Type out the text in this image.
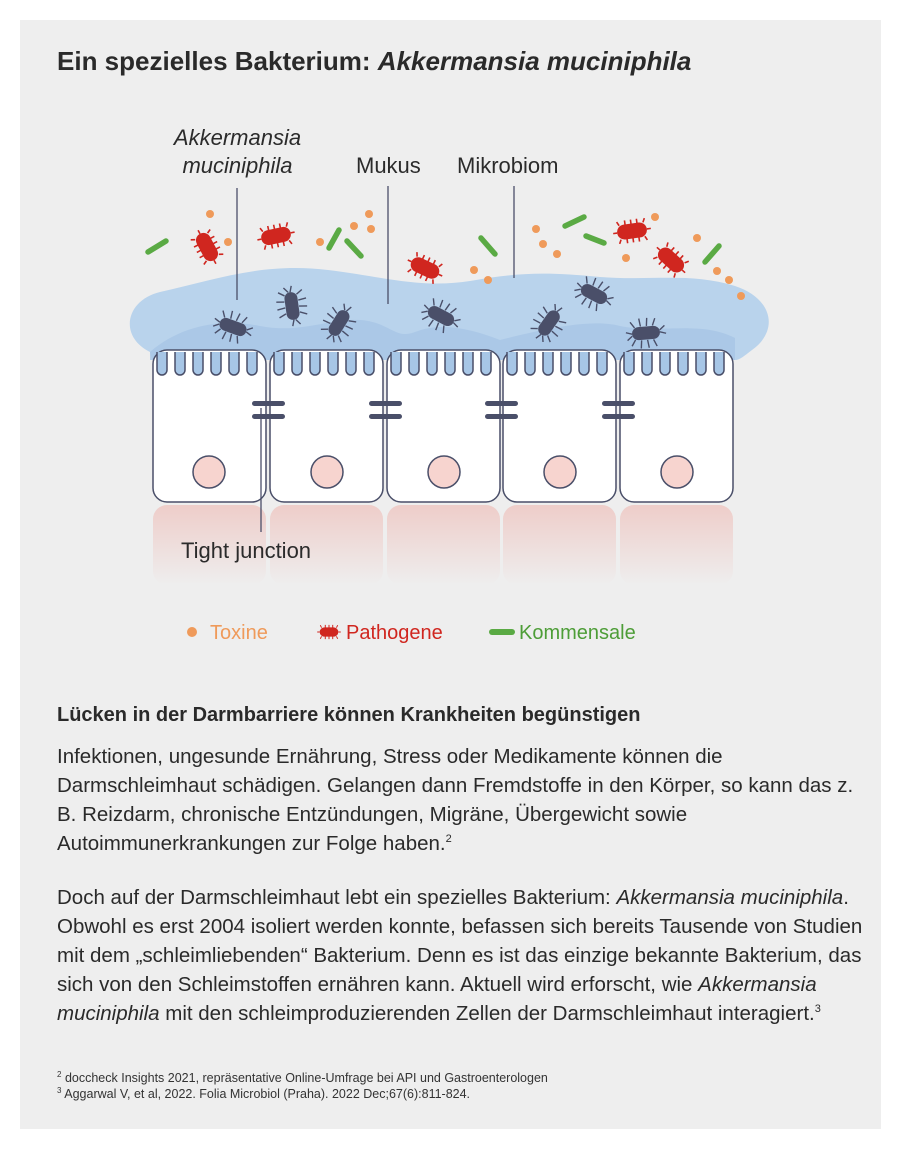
Ein spezielles Bakterium: Akkermansia muciniphila
Akkermansia
muciniphila	Mukus Mikrobiom
Tight junction
Toxine	Pathogene	Kommensale
Lücken in der Darmbarriere können Krankheiten begünstigen
Infektionen, ungesunde Ernährung, Stress oder Medikamente können die Darmschleimhaut schädigen. Gelangen dann Fremdstoffe in den Körper, so kann das z. B. Reizdarm, chronische Entzündungen, Migräne, Übergewicht sowie Autoimmunerkrankungen zur Folge haben.$^2$
Doch auf der Darmschleimhaut lebt ein spezielles Bakterium: Akkermansia muciniphila. Obwohl es erst 2004 isoliert werden konnte, befassen sich bereits Tausende von Studien mit dem „schleimliebenden“ Bakterium. Denn es ist das einzige bekannte Bakterium, das sich von den Schleimstoffen ernähren kann. Aktuell wird erforscht, wie Akkermansia muciniphila mit den schleimproduzierenden Zellen der Darmschleimhaut interagiert.$^3$
$^2$ doccheck Insights 2021, repräsentative Online-Umfrage bei API und Gastroenterologen
$^3$ Aggarwal V, et al, 2022. Folia Microbiol (Praha). 2022 Dec;67(6):811-824.
